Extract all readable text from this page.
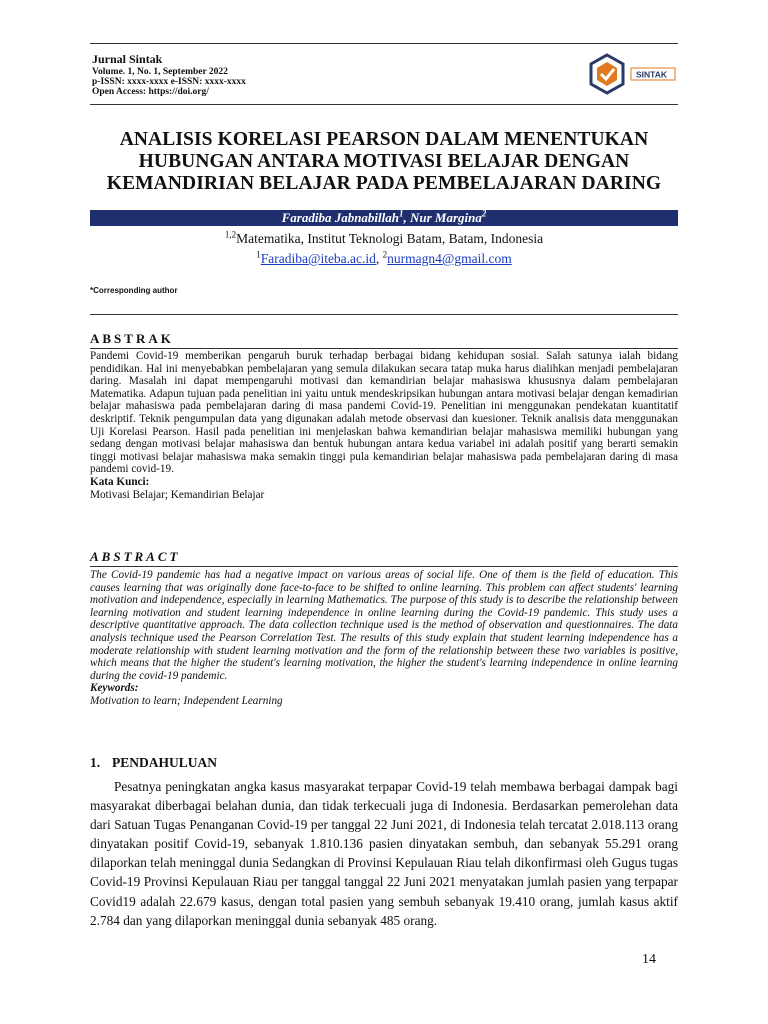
Jurnal Sintak
Volume. 1, No. 1, September 2022
p-ISSN: xxxx-xxxx e-ISSN: xxxx-xxxx
Open Access: https://doi.org/
SINTAK
ANALISIS KORELASI PEARSON DALAM MENENTUKAN HUBUNGAN ANTARA MOTIVASI BELAJAR DENGAN KEMANDIRIAN BELAJAR PADA PEMBELAJARAN DARING
Faradiba Jabnabillah$^1$, Nur Margina$^2$
$^{1,2}$Matematika, Institut Teknologi Batam, Batam, Indonesia
$^1$Faradiba@iteba.ac.id, $^2$nurmagn4@gmail.com
*Corresponding author
ABSTRAK
Pandemi Covid-19 memberikan pengaruh buruk terhadap berbagai bidang kehidupan sosial. Salah satunya ialah bidang pendidikan. Hal ini menyebabkan pembelajaran yang semula dilakukan secara tatap muka harus dialihkan menjadi pembelajaran daring. Masalah ini dapat mempengaruhi motivasi dan kemandirian belajar mahasiswa khususnya dalam pembelajaran Matematika. Adapun tujuan pada penelitian ini yaitu untuk mendeskripsikan hubungan antara motivasi belajar dengan kemadirian belajar mahasiswa pada pembelajaran daring di masa pandemi Covid-19. Penelitian ini menggunakan pendekatan kuantitatif deskriptif. Teknik pengumpulan data yang digunakan adalah metode observasi dan kuesioner. Teknik analisis data menggunakan Uji Korelasi Pearson. Hasil pada penelitian ini menjelaskan bahwa kemandirian belajar mahasiswa memiliki hubungan yang sedang dengan motivasi belajar mahasiswa dan bentuk hubungan antara kedua variabel ini adalah positif yang berarti semakin tinggi motivasi belajar mahasiswa maka semakin tinggi pula kemandirian belajar mahasiswa pada pembelajaran daring di masa pandemi covid-19.
Kata Kunci:
Motivasi Belajar; Kemandirian Belajar
ABSTRACT
The Covid-19 pandemic has had a negative impact on various areas of social life. One of them is the field of education. This causes learning that was originally done face-to-face to be shifted to online learning. This problem can affect students' learning motivation and independence, especially in learning Mathematics. The purpose of this study is to describe the relationship between learning motivation and student learning independence in online learning during the Covid-19 pandemic. This study uses a descriptive quantitative approach. The data collection technique used is the method of observation and questionnaires. The data analysis technique used the Pearson Correlation Test. The results of this study explain that student learning independence has a moderate relationship with student learning motivation and the form of the relationship between these two variables is positive, which means that the higher the student's learning motivation, the higher the student's learning independence in online learning during the covid-19 pandemic.
Keywords:
Motivation to learn; Independent Learning
1. PENDAHULUAN
Pesatnya peningkatan angka kasus masyarakat terpapar Covid-19 telah membawa berbagai dampak bagi masyarakat diberbagai belahan dunia, dan tidak terkecuali juga di Indonesia. Berdasarkan pemerolehan data dari Satuan Tugas Penanganan Covid-19 per tanggal 22 Juni 2021, di Indonesia telah tercatat 2.018.113 orang dinyatakan positif Covid-19, sebanyak 1.810.136 pasien dinyatakan sembuh, dan sebanyak 55.291 orang dilaporkan telah meninggal dunia Sedangkan di Provinsi Kepulauan Riau telah dikonfirmasi oleh Gugus tugas Covid-19 Provinsi Kepulauan Riau per tanggal tanggal 22 Juni 2021 menyatakan jumlah pasien yang terpapar Covid19 adalah 22.679 kasus, dengan total pasien yang sembuh sebanyak 19.410 orang, jumlah kasus aktif 2.784 dan yang dilaporkan meninggal dunia sebanyak 485 orang.
14
